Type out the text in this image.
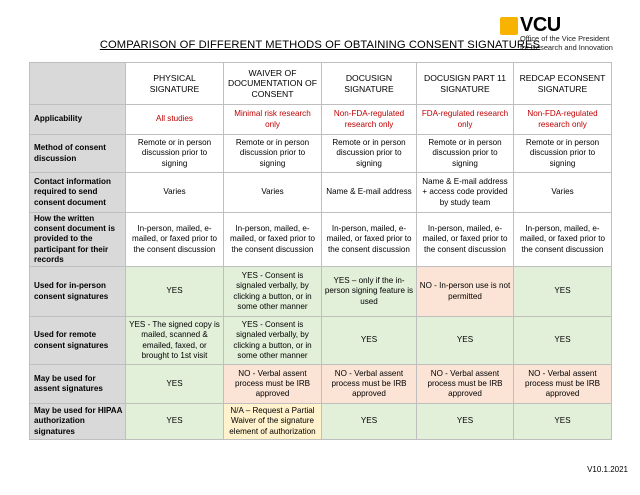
VCU
Office of the Vice President
for Research and Innovation
COMPARISON OF DIFFERENT METHODS OF OBTAINING CONSENT SIGNATURES
	PHYSICAL SIGNATURE	WAIVER OF DOCUMENTATION OF CONSENT	DOCUSIGN SIGNATURE	DOCUSIGN PART 11 SIGNATURE	REDCAP ECONSENT SIGNATURE
Applicability	All studies	Minimal risk research only	Non-FDA-regulated research only	FDA-regulated research only	Non-FDA-regulated research only
Method of consent discussion	Remote or in person discussion prior to signing	Remote or in person discussion prior to signing	Remote or in person discussion prior to signing	Remote or in person discussion prior to signing	Remote or in person discussion prior to signing
Contact information required to send consent document	Varies	Varies	Name & E-mail address	Name & E-mail address + access code provided by study team	Varies
How the written consent document is provided to the participant for their records	In-person, mailed, e-mailed, or faxed prior to the consent discussion	In-person, mailed, e-mailed, or faxed prior to the consent discussion	In-person, mailed, e-mailed, or faxed prior to the consent discussion	In-person, mailed, e-mailed, or faxed prior to the consent discussion	In-person, mailed, e-mailed, or faxed prior to the consent discussion
Used for in-person consent signatures	YES	YES - Consent is signaled verbally, by clicking a button, or in some other manner	YES – only if the in-person signing feature is used	NO - In-person use is not permitted	YES
Used for remote consent signatures	YES - The signed copy is mailed, scanned & emailed, faxed, or brought to 1st visit	YES - Consent is signaled verbally, by clicking a button, or in some other manner	YES	YES	YES
May be used for assent signatures	YES	NO - Verbal assent process must be IRB approved	NO - Verbal assent process must be IRB approved	NO - Verbal assent process must be IRB approved	NO - Verbal assent process must be IRB approved
May be used for HIPAA authorization signatures	YES	N/A – Request a Partial Waiver of the signature element of authorization	YES	YES	YES
V10.1.2021
